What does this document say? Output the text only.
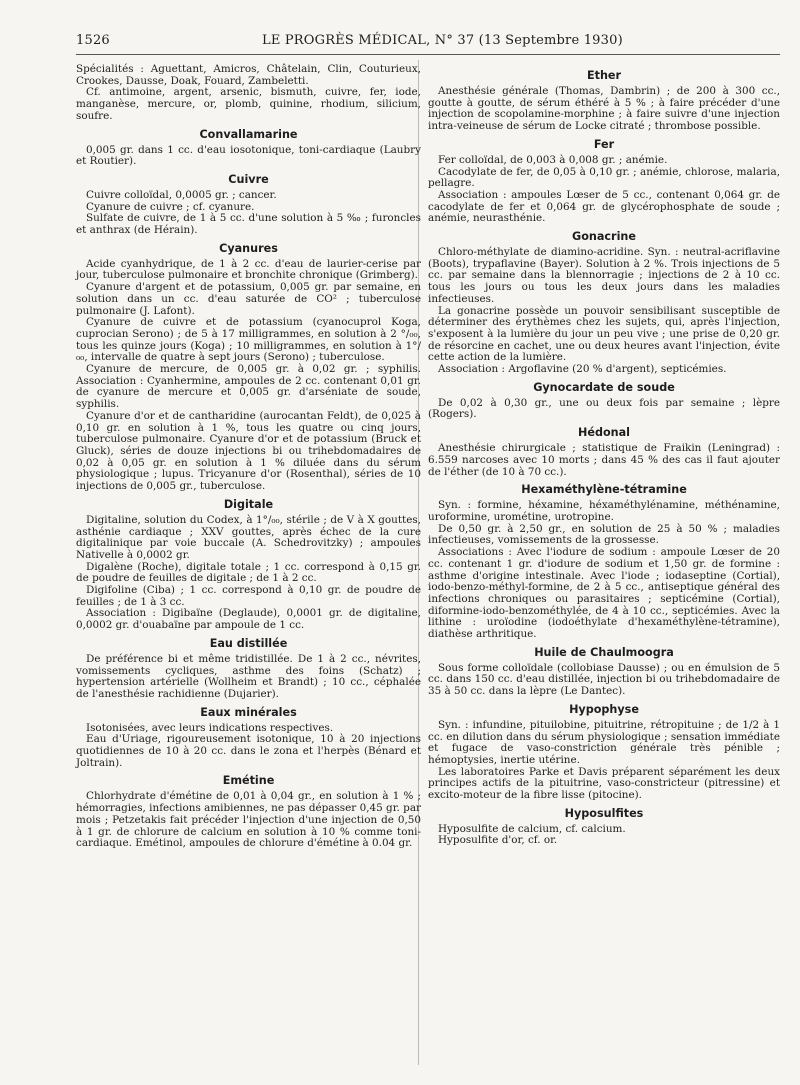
1526	LE PROGRÈS MÉDICAL, N° 37 (13 Septembre 1930)

Spécialités : Aguettant, Amicros, Châtelain, Clin, Couturieux, Crookes, Dausse, Doak, Fouard, Zambeletti.

Cf. antimoine, argent, arsenic, bismuth, cuivre, fer, iode, manganèse, mercure, or, plomb, quinine, rhodium, silicium, soufre.

Convallamarine

0,005 gr. dans 1 cc. d'eau iosotonique, toni-cardiaque (Laubry et Routier).

Cuivre

Cuivre colloïdal, 0,0005 gr. ; cancer.

Cyanure de cuivre ; cf. cyanure.

Sulfate de cuivre, de 1 à 5 cc. d'une solution à 5 ‰ ; furoncles et anthrax (de Hérain).

Cyanures

Acide cyanhydrique, de 1 à 2 cc. d'eau de laurier-cerise par jour, tuberculose pulmonaire et bronchite chronique (Grimberg).

Cyanure d'argent et de potassium, 0,005 gr. par semaine, en solution dans un cc. d'eau saturée de CO² ; tuberculose pulmonaire (J. Lafont).

Cyanure de cuivre et de potassium (cyanocuprol Koga, cuprocian Serono) ; de 5 à 17 milligrammes, en solution à 2 °/₀₀, tous les quinze jours (Koga) ; 10 milligrammes, en solution à 1°/₀₀, intervalle de quatre à sept jours (Serono) ; tuberculose.

Cyanure de mercure, de 0,005 gr. à 0,02 gr. ; syphilis. Association : Cyanhermine, ampoules de 2 cc. contenant 0,01 gr. de cyanure de mercure et 0,005 gr. d'arséniate de soude, syphilis.

Cyanure d'or et de cantharidine (aurocantan Feldt), de 0,025 à 0,10 gr. en solution à 1 %, tous les quatre ou cinq jours, tuberculose pulmonaire. Cyanure d'or et de potassium (Bruck et Gluck), séries de douze injections bi ou trihebdomadaires de 0,02 à 0,05 gr. en solution à 1 % diluée dans du sérum physiologique ; lupus. Tricyanure d'or (Rosenthal), séries de 10 injections de 0,005 gr., tuberculose.

Digitale

Digitaline, solution du Codex, à 1°/₀₀, stérile ; de V à X gouttes, asthénie cardiaque ; XXV gouttes, après échec de la cure digitalinique par voie buccale (A. Schedrovitzky) ; ampoules Nativelle à 0,0002 gr.

Digalène (Roche), digitale totale ; 1 cc. correspond à 0,15 gr. de poudre de feuilles de digitale ; de 1 à 2 cc.

Digifoline (Ciba) ; 1 cc. correspond à 0,10 gr. de poudre de feuilles ; de 1 à 3 cc.

Association : Digibaïne (Deglaude), 0,0001 gr. de digitaline, 0,0002 gr. d'ouabaïne par ampoule de 1 cc.

Eau distillée

De préférence bi et même tridistillée. De 1 à 2 cc., névrites, vomissements cycliques, asthme des foins (Schatz) ; hypertension artérielle (Wollheim et Brandt) ; 10 cc., céphalée de l'anesthésie rachidienne (Dujarier).

Eaux minérales

Isotonisées, avec leurs indications respectives.

Eau d'Uriage, rigoureusement isotonique, 10 à 20 injections quotidiennes de 10 à 20 cc. dans le zona et l'herpès (Bénard et Joltrain).

Emétine

Chlorhydrate d'émétine de 0,01 à 0,04 gr., en solution à 1 % ; hémorragies, infections amibiennes, ne pas dépasser 0,45 gr. par mois ; Petzetakis fait précéder l'injection d'une injection de 0,50 à 1 gr. de chlorure de calcium en solution à 10 % comme toni-cardiaque. Emétinol, ampoules de chlorure d'émétine à 0.04 gr.

Ether

Anesthésie générale (Thomas, Dambrin) ; de 200 à 300 cc., goutte à goutte, de sérum éthéré à 5 % ; à faire précéder d'une injection de scopolamine-morphine ; à faire suivre d'une injection intra-veineuse de sérum de Locke citraté ; thrombose possible.

Fer

Fer colloïdal, de 0,003 à 0,008 gr. ; anémie.

Cacodylate de fer, de 0,05 à 0,10 gr. ; anémie, chlorose, malaria, pellagre.

Association : ampoules Lœser de 5 cc., contenant 0,064 gr. de cacodylate de fer et 0,064 gr. de glycérophosphate de soude ; anémie, neurasthénie.

Gonacrine

Chloro-méthylate de diamino-acridine. Syn. : neutral-acriflavine (Boots), trypaflavine (Bayer). Solution à 2 %. Trois injections de 5 cc. par semaine dans la blennorragie ; injections de 2 à 10 cc. tous les jours ou tous les deux jours dans les maladies infectieuses.

La gonacrine possède un pouvoir sensibilisant susceptible de déterminer des érythèmes chez les sujets, qui, après l'injection, s'exposent à la lumière du jour un peu vive ; une prise de 0,20 gr. de résorcine en cachet, une ou deux heures avant l'injection, évite cette action de la lumière.

Association : Argoflavine (20 % d'argent), septicémies.

Gynocardate de soude

De 0,02 à 0,30 gr., une ou deux fois par semaine ; lèpre (Rogers).

Hédonal

Anesthésie chirurgicale ; statistique de Fraikin (Leningrad) : 6.559 narcoses avec 10 morts ; dans 45 % des cas il faut ajouter de l'éther (de 10 à 70 cc.).

Hexaméthylène-tétramine

Syn. : formine, héxamine, héxaméthylénamine, méthénamine, uroformine, urométine, urotropine.

De 0,50 gr. à 2,50 gr., en solution de 25 à 50 % ; maladies infectieuses, vomissements de la grossesse.

Associations : Avec l'iodure de sodium : ampoule Lœser de 20 cc. contenant 1 gr. d'iodure de sodium et 1,50 gr. de formine : asthme d'origine intestinale. Avec l'iode ; iodaseptine (Cortial), iodo-benzo-méthyl-formine, de 2 à 5 cc., antiseptique général des infections chroniques ou parasitaires ; septicémine (Cortial), diformine-iodo-benzométhylée, de 4 à 10 cc., septicémies. Avec la lithine : uroïodine (iodoéthylate d'hexaméthylène-tétramine), diathèse arthritique.

Huile de Chaulmoogra

Sous forme colloïdale (collobiase Dausse) ; ou en émulsion de 5 cc. dans 150 cc. d'eau distillée, injection bi ou trihebdomadaire de 35 à 50 cc. dans la lèpre (Le Dantec).

Hypophyse

Syn. : infundine, pituilobine, pituitrine, rétropituine ; de 1/2 à 1 cc. en dilution dans du sérum physiologique ; sensation immédiate et fugace de vaso-constriction générale très pénible ; hémoptysies, inertie utérine.

Les laboratoires Parke et Davis préparent séparément les deux principes actifs de la pituitrine, vaso-constricteur (pitressine) et excito-moteur de la fibre lisse (pitocine).

Hyposulfites

Hyposulfite de calcium, cf. calcium.

Hyposulfite d'or, cf. or.
